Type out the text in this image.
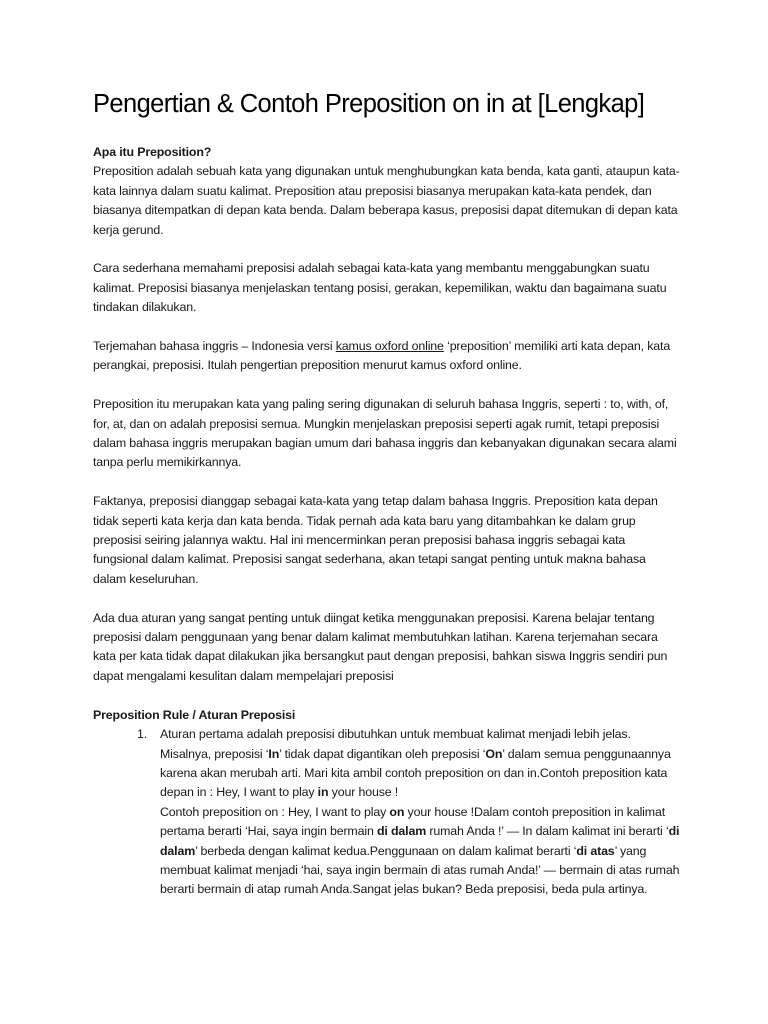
Pengertian & Contoh Preposition on in at [Lengkap]

Apa itu Preposition?

Preposition adalah sebuah kata yang digunakan untuk menghubungkan kata benda, kata ganti, ataupun kata-kata lainnya dalam suatu kalimat. Preposition atau preposisi biasanya merupakan kata-kata pendek, dan biasanya ditempatkan di depan kata benda. Dalam beberapa kasus, preposisi dapat ditemukan di depan kata kerja gerund.

Cara sederhana memahami preposisi adalah sebagai kata-kata yang membantu menggabungkan suatu kalimat. Preposisi biasanya menjelaskan tentang posisi, gerakan, kepemilikan, waktu dan bagaimana suatu tindakan dilakukan.

Terjemahan bahasa inggris – Indonesia versi kamus oxford online ‘preposition’ memiliki arti kata depan, kata perangkai, preposisi. Itulah pengertian preposition menurut kamus oxford online.

Preposition itu merupakan kata yang paling sering digunakan di seluruh bahasa Inggris, seperti : to, with, of, for, at, dan on adalah preposisi semua. Mungkin menjelaskan preposisi seperti agak rumit, tetapi preposisi dalam bahasa inggris merupakan bagian umum dari bahasa inggris dan kebanyakan digunakan secara alami tanpa perlu memikirkannya.

Faktanya, preposisi dianggap sebagai kata-kata yang tetap dalam bahasa Inggris. Preposition kata depan tidak seperti kata kerja dan kata benda. Tidak pernah ada kata baru yang ditambahkan ke dalam grup preposisi seiring jalannya waktu. Hal ini mencerminkan peran preposisi bahasa inggris sebagai kata fungsional dalam kalimat. Preposisi sangat sederhana, akan tetapi sangat penting untuk makna bahasa dalam keseluruhan.

Ada dua aturan yang sangat penting untuk diingat ketika menggunakan preposisi. Karena belajar tentang preposisi dalam penggunaan yang benar dalam kalimat membutuhkan latihan. Karena terjemahan secara kata per kata tidak dapat dilakukan jika bersangkut paut dengan preposisi, bahkan siswa Inggris sendiri pun dapat mengalami kesulitan dalam mempelajari preposisi

Preposition Rule / Aturan Preposisi

1. Aturan pertama adalah preposisi dibutuhkan untuk membuat kalimat menjadi lebih jelas. Misalnya, preposisi ‘In’ tidak dapat digantikan oleh preposisi ‘On’ dalam semua penggunaannya karena akan merubah arti. Mari kita ambil contoh preposition on dan in.Contoh preposition kata depan in : Hey, I want to play in your house !
Contoh preposition on : Hey, I want to play on your house !Dalam contoh preposition in kalimat pertama berarti ‘Hai, saya ingin bermain di dalam rumah Anda !’ — In dalam kalimat ini berarti ‘di dalam’ berbeda dengan kalimat kedua.Penggunaan on dalam kalimat berarti ‘di atas’ yang membuat kalimat menjadi ‘hai, saya ingin bermain di atas rumah Anda!’ — bermain di atas rumah berarti bermain di atap rumah Anda.Sangat jelas bukan? Beda preposisi, beda pula artinya.
